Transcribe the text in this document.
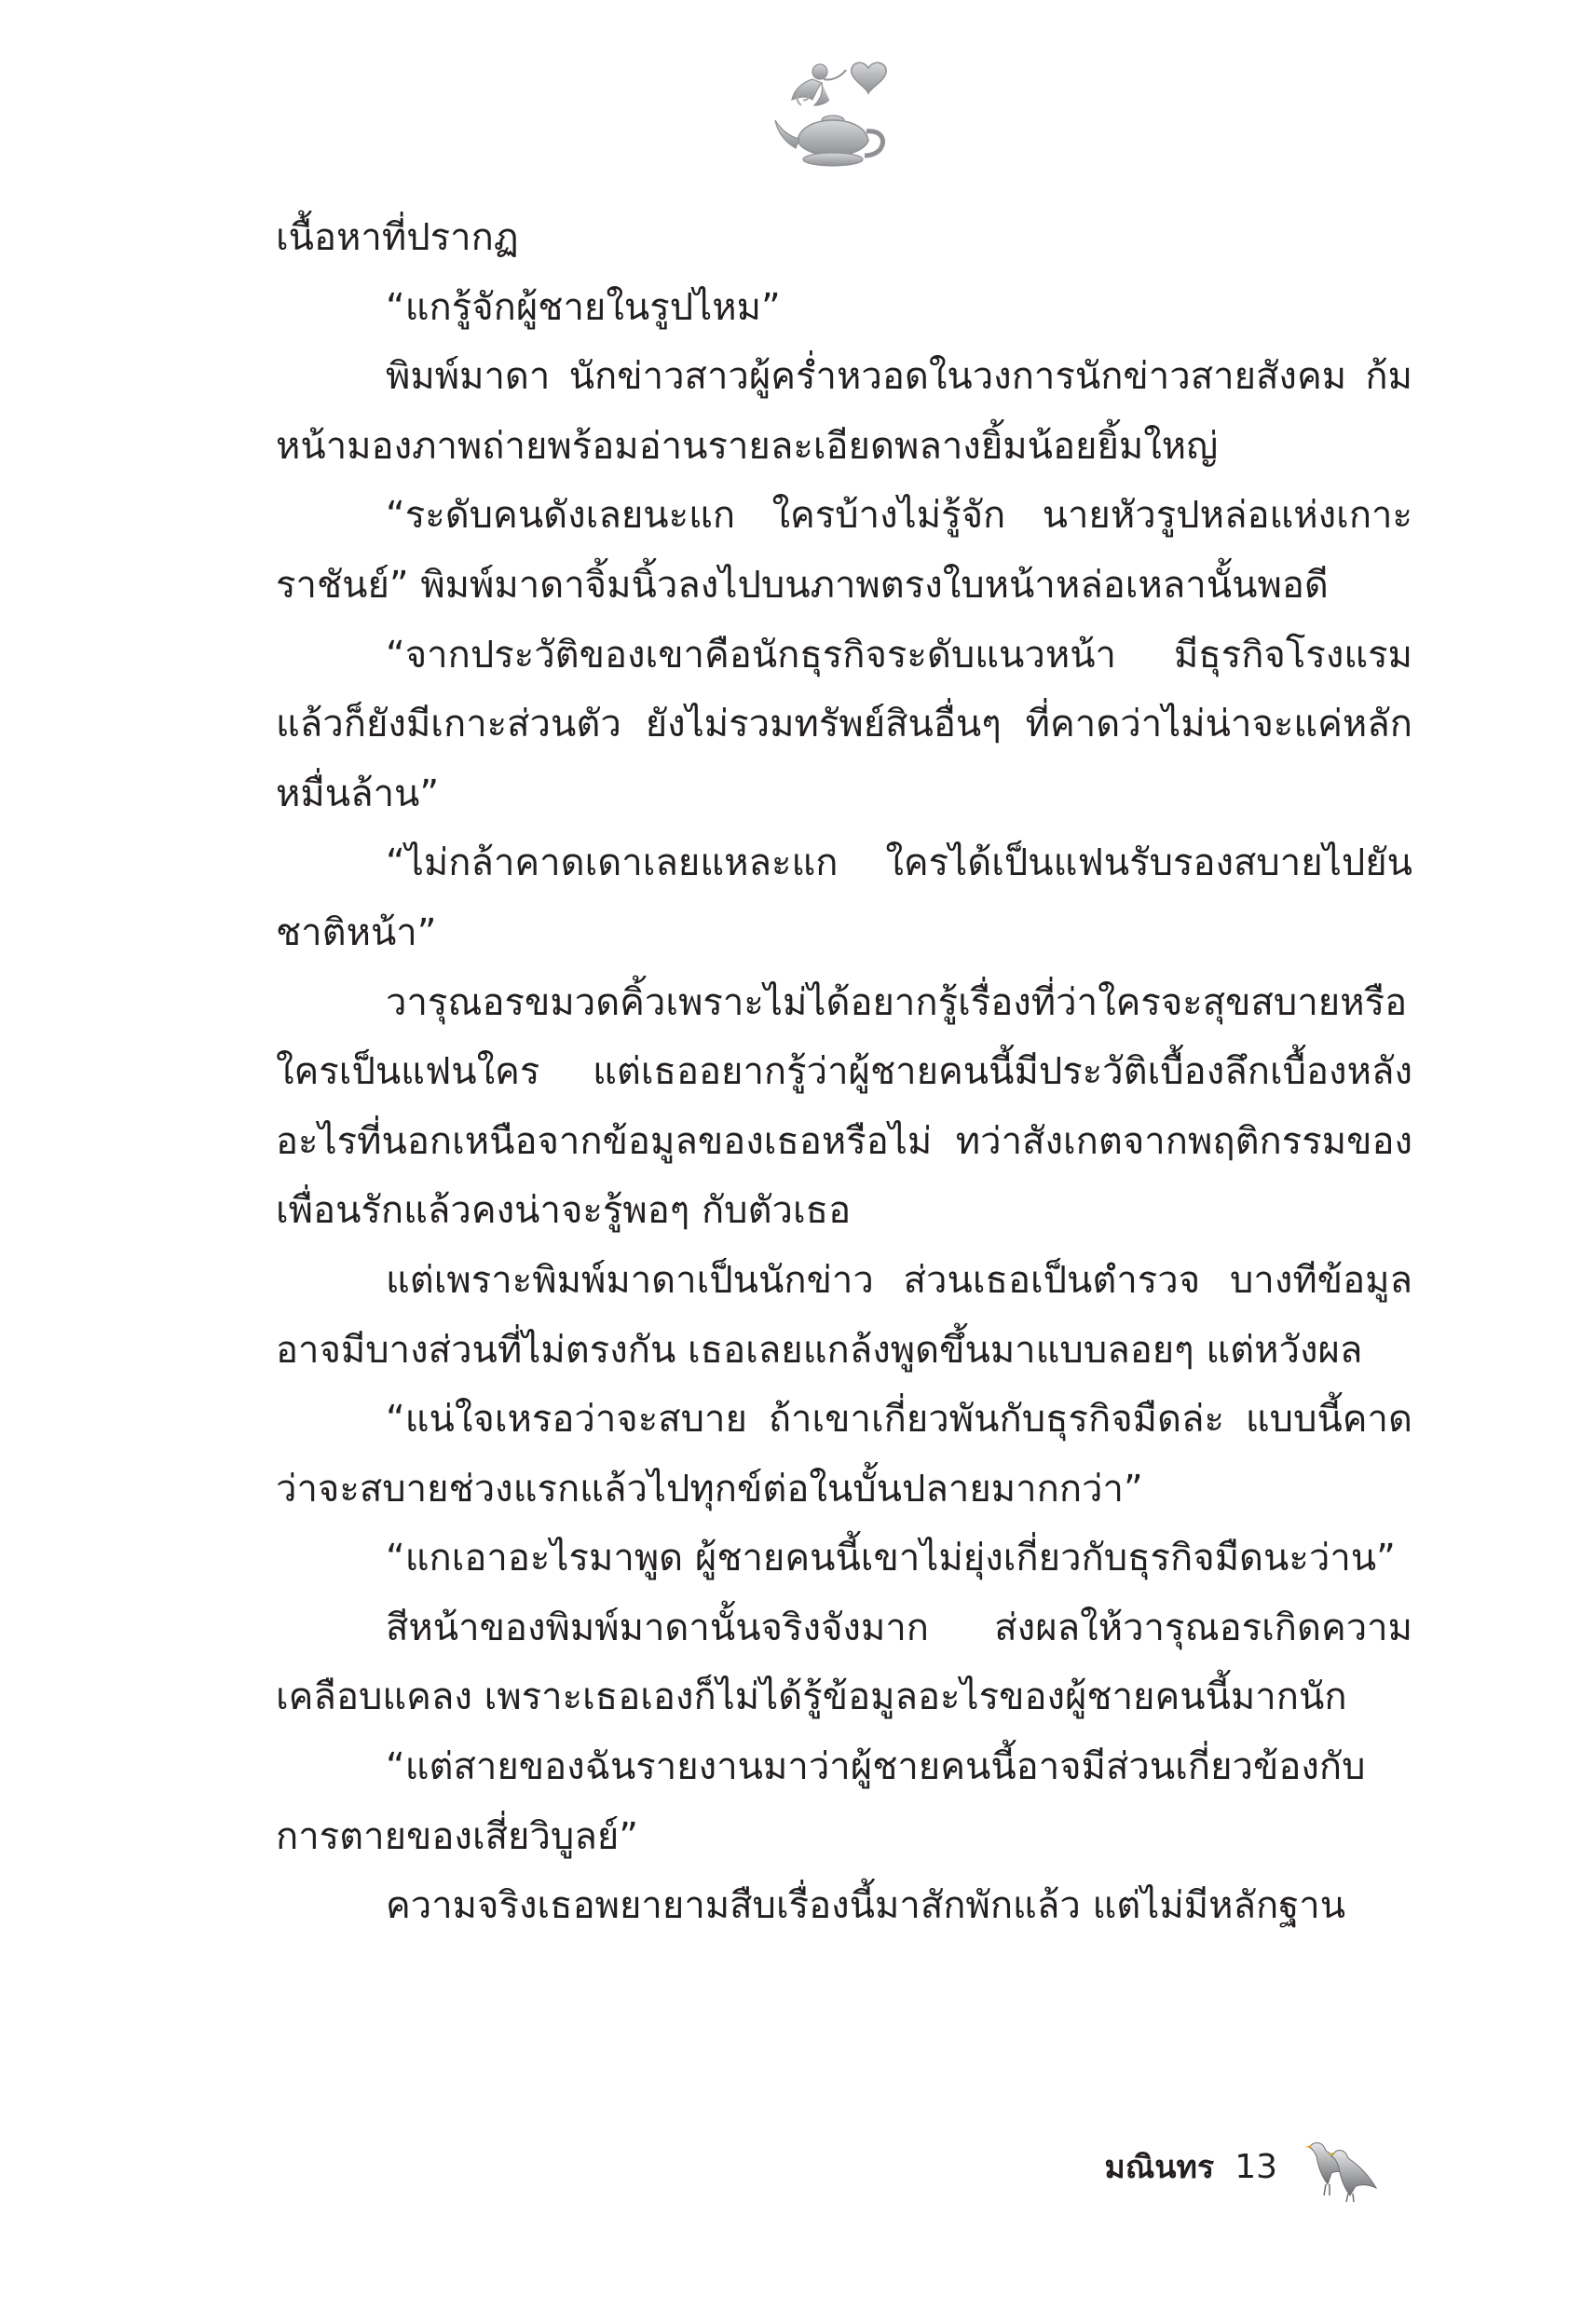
เนื้อหาที่ปรากฏ

“แกรู้จักผู้ชายในรูปไหม”

พิมพ์มาดา นักข่าวสาวผู้คร่ำหวอดในวงการนักข่าวสายสังคม ก้มหน้ามองภาพถ่ายพร้อมอ่านรายละเอียดพลางยิ้มน้อยยิ้มใหญ่

“ระดับคนดังเลยนะแก ใครบ้างไม่รู้จัก นายหัวรูปหล่อแห่งเกาะราชันย์” พิมพ์มาดาจิ้มนิ้วลงไปบนภาพตรงใบหน้าหล่อเหลานั้นพอดี

“จากประวัติของเขาคือนักธุรกิจระดับแนวหน้า มีธุรกิจโรงแรม แล้วก็ยังมีเกาะส่วนตัว ยังไม่รวมทรัพย์สินอื่นๆ ที่คาดว่าไม่น่าจะแค่หลักหมื่นล้าน”

“ไม่กล้าคาดเดาเลยแหละแก ใครได้เป็นแฟนรับรองสบายไปยันชาติหน้า”

วารุณอรขมวดคิ้วเพราะไม่ได้อยากรู้เรื่องที่ว่าใครจะสุขสบายหรือใครเป็นแฟนใคร แต่เธออยากรู้ว่าผู้ชายคนนี้มีประวัติเบื้องลึกเบื้องหลังอะไรที่นอกเหนือจากข้อมูลของเธอหรือไม่ ทว่าสังเกตจากพฤติกรรมของเพื่อนรักแล้วคงน่าจะรู้พอๆ กับตัวเธอ

แต่เพราะพิมพ์มาดาเป็นนักข่าว ส่วนเธอเป็นตำรวจ บางทีข้อมูลอาจมีบางส่วนที่ไม่ตรงกัน เธอเลยแกล้งพูดขึ้นมาแบบลอยๆ แต่หวังผล

“แน่ใจเหรอว่าจะสบาย ถ้าเขาเกี่ยวพันกับธุรกิจมืดล่ะ แบบนี้คาดว่าจะสบายช่วงแรกแล้วไปทุกข์ต่อในบั้นปลายมากกว่า”

“แกเอาอะไรมาพูด ผู้ชายคนนี้เขาไม่ยุ่งเกี่ยวกับธุรกิจมืดนะว่าน”

สีหน้าของพิมพ์มาดานั้นจริงจังมาก ส่งผลให้วารุณอรเกิดความเคลือบแคลง เพราะเธอเองก็ไม่ได้รู้ข้อมูลอะไรของผู้ชายคนนี้มากนัก

“แต่สายของฉันรายงานมาว่าผู้ชายคนนี้อาจมีส่วนเกี่ยวข้องกับการตายของเสี่ยวิบูลย์”

ความจริงเธอพยายามสืบเรื่องนี้มาสักพักแล้ว แต่ไม่มีหลักฐาน

มณินทร 13
